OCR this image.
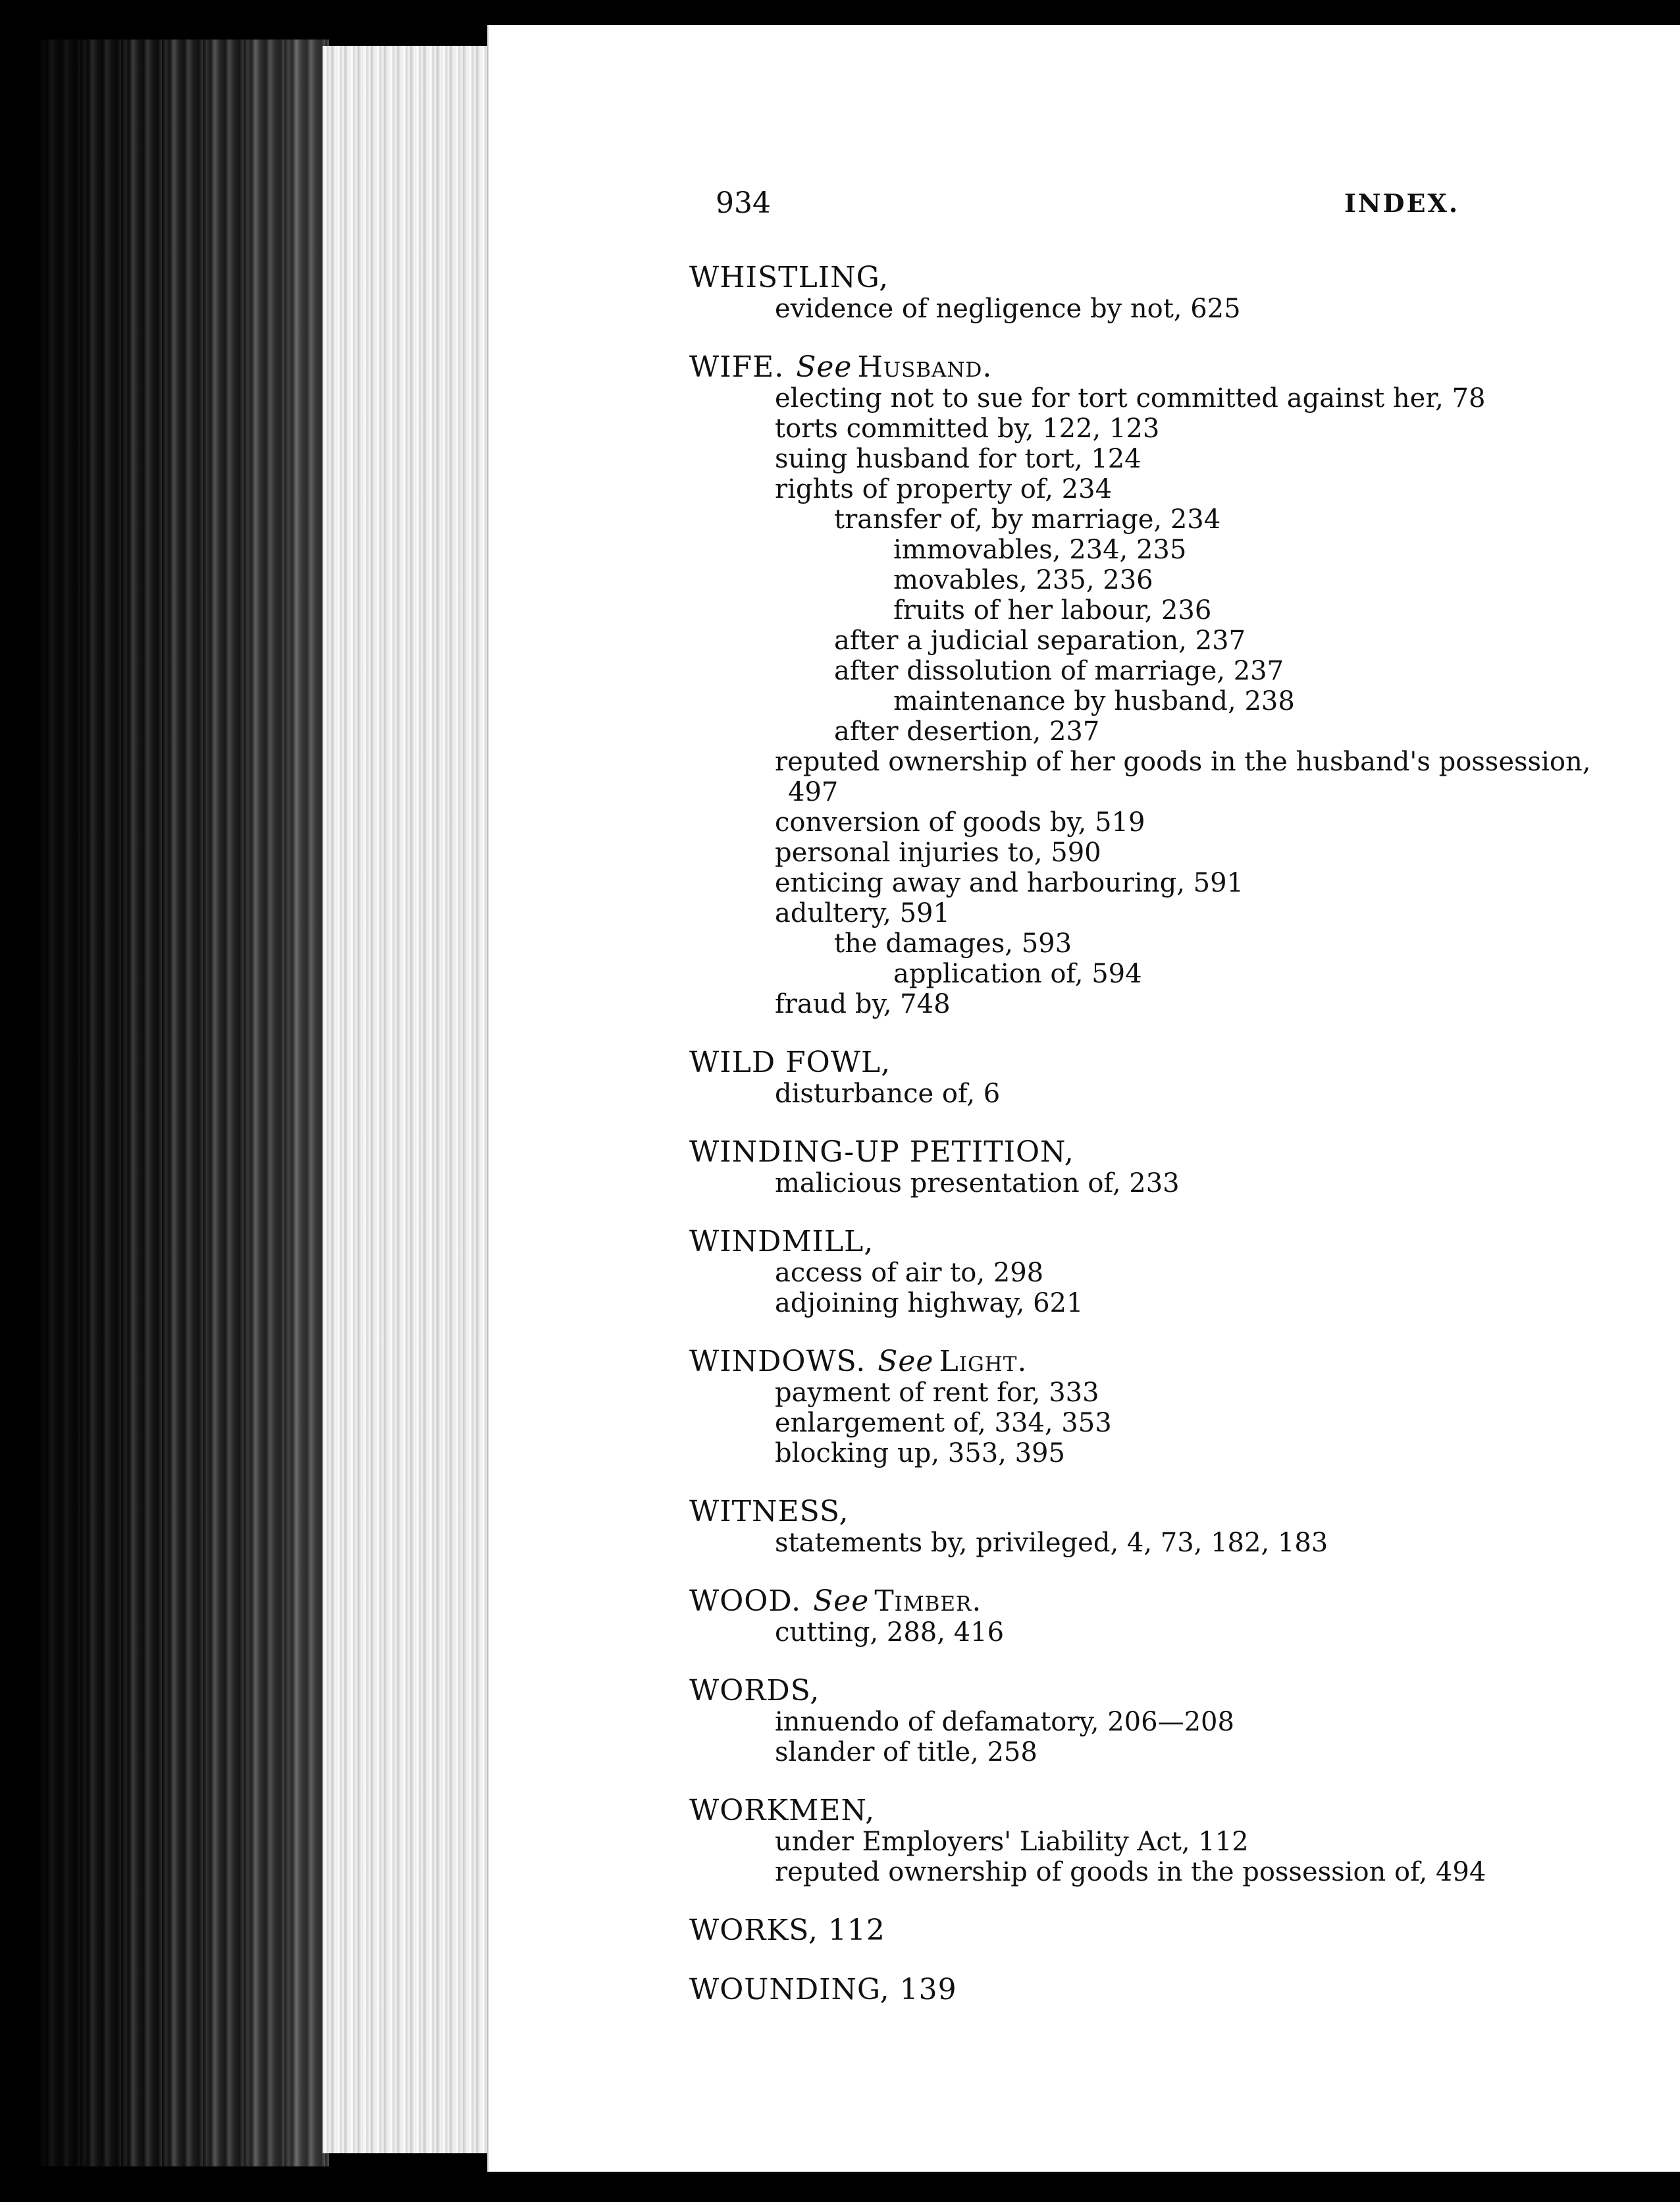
934	INDEX.
WHISTLING,
evidence of negligence by not, 625
WIFE. See Husband.
electing not to sue for tort committed against her, 78
torts committed by, 122, 123
suing husband for tort, 124
rights of property of, 234
transfer of, by marriage, 234
immovables, 234, 235
movables, 235, 236
fruits of her labour, 236
after a judicial separation, 237
after dissolution of marriage, 237
maintenance by husband, 238
after desertion, 237
reputed ownership of her goods in the husband's possession,
497
conversion of goods by, 519
personal injuries to, 590
enticing away and harbouring, 591
adultery, 591
the damages, 593
application of, 594
fraud by, 748
WILD FOWL,
disturbance of, 6
WINDING-UP PETITION,
malicious presentation of, 233
WINDMILL,
access of air to, 298
adjoining highway, 621
WINDOWS. See Light.
payment of rent for, 333
enlargement of, 334, 353
blocking up, 353, 395
WITNESS,
statements by, privileged, 4, 73, 182, 183
WOOD. See Timber.
cutting, 288, 416
WORDS,
innuendo of defamatory, 206—208
slander of title, 258
WORKMEN,
under Employers' Liability Act, 112
reputed ownership of goods in the possession of, 494
WORKS, 112
WOUNDING, 139
